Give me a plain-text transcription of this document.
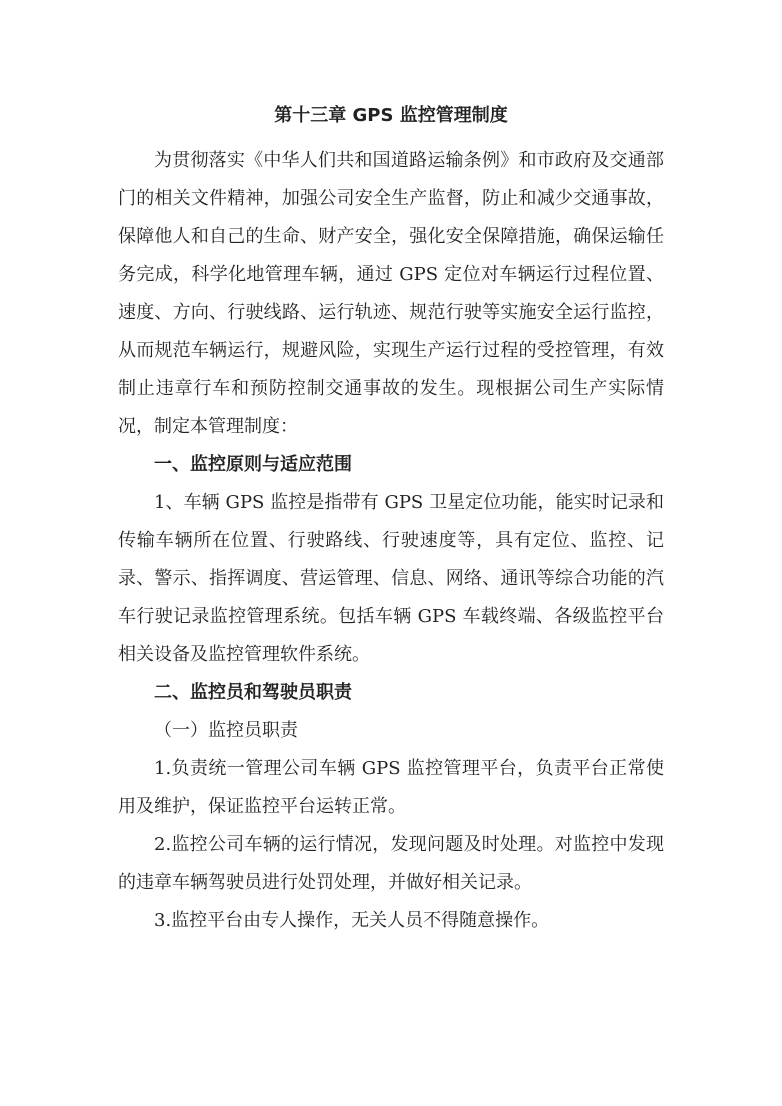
第十三章 GPS 监控管理制度

为贯彻落实《中华人们共和国道路运输条例》和市政府及交通部门的相关文件精神，加强公司安全生产监督，防止和减少交通事故，保障他人和自己的生命、财产安全，强化安全保障措施，确保运输任务完成，科学化地管理车辆，通过 GPS 定位对车辆运行过程位置、速度、方向、行驶线路、运行轨迹、规范行驶等实施安全运行监控，从而规范车辆运行，规避风险，实现生产运行过程的受控管理，有效制止违章行车和预防控制交通事故的发生。现根据公司生产实际情况，制定本管理制度：

一、监控原则与适应范围

1、车辆 GPS 监控是指带有 GPS 卫星定位功能，能实时记录和传输车辆所在位置、行驶路线、行驶速度等，具有定位、监控、记录、警示、指挥调度、营运管理、信息、网络、通讯等综合功能的汽车行驶记录监控管理系统。包括车辆 GPS 车载终端、各级监控平台相关设备及监控管理软件系统。

二、监控员和驾驶员职责

（一）监控员职责

1.负责统一管理公司车辆 GPS 监控管理平台，负责平台正常使用及维护，保证监控平台运转正常。

2.监控公司车辆的运行情况，发现问题及时处理。对监控中发现的违章车辆驾驶员进行处罚处理，并做好相关记录。

3.监控平台由专人操作，无关人员不得随意操作。
